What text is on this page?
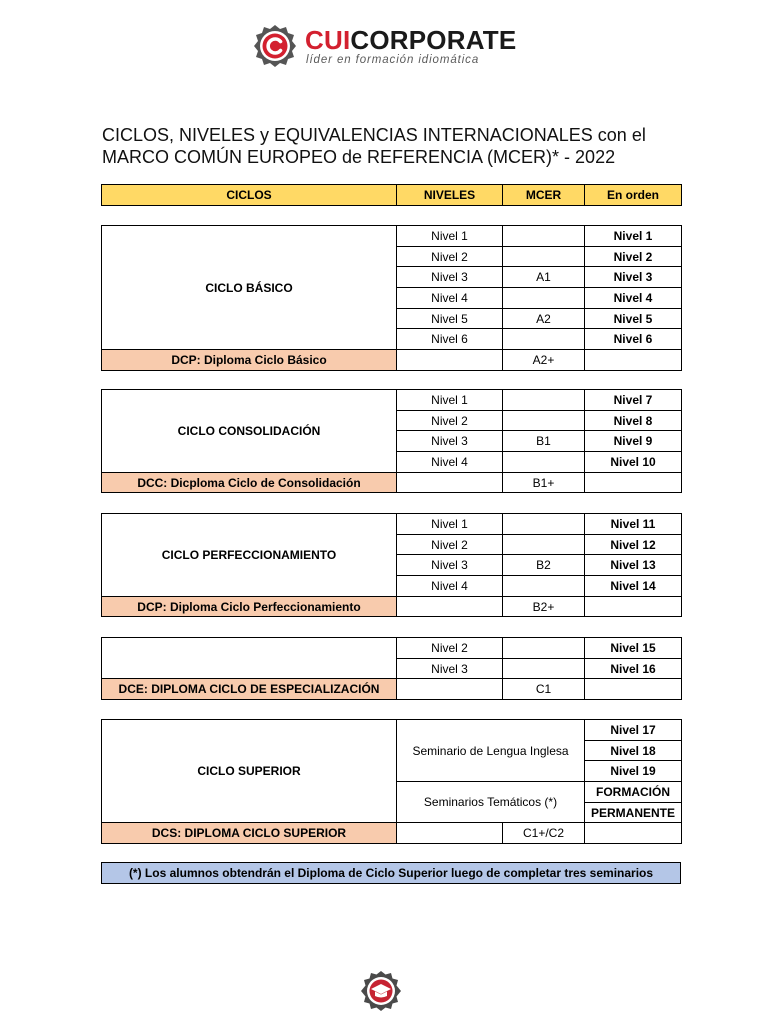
CUICORPORATE
líder en formación idiomática
CICLOS, NIVELES y EQUIVALENCIAS INTERNACIONALES con el
MARCO COMÚN EUROPEO de REFERENCIA (MCER)* - 2022
CICLOS	NIVELES	MCER	En orden
CICLO BÁSICO	Nivel 1		Nivel 1
	Nivel 2		Nivel 2
	Nivel 3	A1	Nivel 3
	Nivel 4		Nivel 4
	Nivel 5	A2	Nivel 5
	Nivel 6		Nivel 6
DCP: Diploma Ciclo Básico		A2+	
CICLO CONSOLIDACIÓN	Nivel 1		Nivel 7
	Nivel 2		Nivel 8
	Nivel 3	B1	Nivel 9
	Nivel 4		Nivel 10
DCC: Dicploma Ciclo de Consolidación		B1+	
CICLO PERFECCIONAMIENTO	Nivel 1		Nivel 11
	Nivel 2		Nivel 12
	Nivel 3	B2	Nivel 13
	Nivel 4		Nivel 14
DCP: Diploma Ciclo Perfeccionamiento		B2+	
	Nivel 2		Nivel 15
	Nivel 3		Nivel 16
DCE: DIPLOMA CICLO DE ESPECIALIZACIÓN		C1	
CICLO SUPERIOR	Seminario de Lengua Inglesa		Nivel 17
			Nivel 18
			Nivel 19
	Seminarios Temáticos (*)		FORMACIÓN
			PERMANENTE
DCS: DIPLOMA CICLO SUPERIOR		C1+/C2	
(*) Los alumnos obtendrán el Diploma de Ciclo Superior luego de completar tres seminarios
